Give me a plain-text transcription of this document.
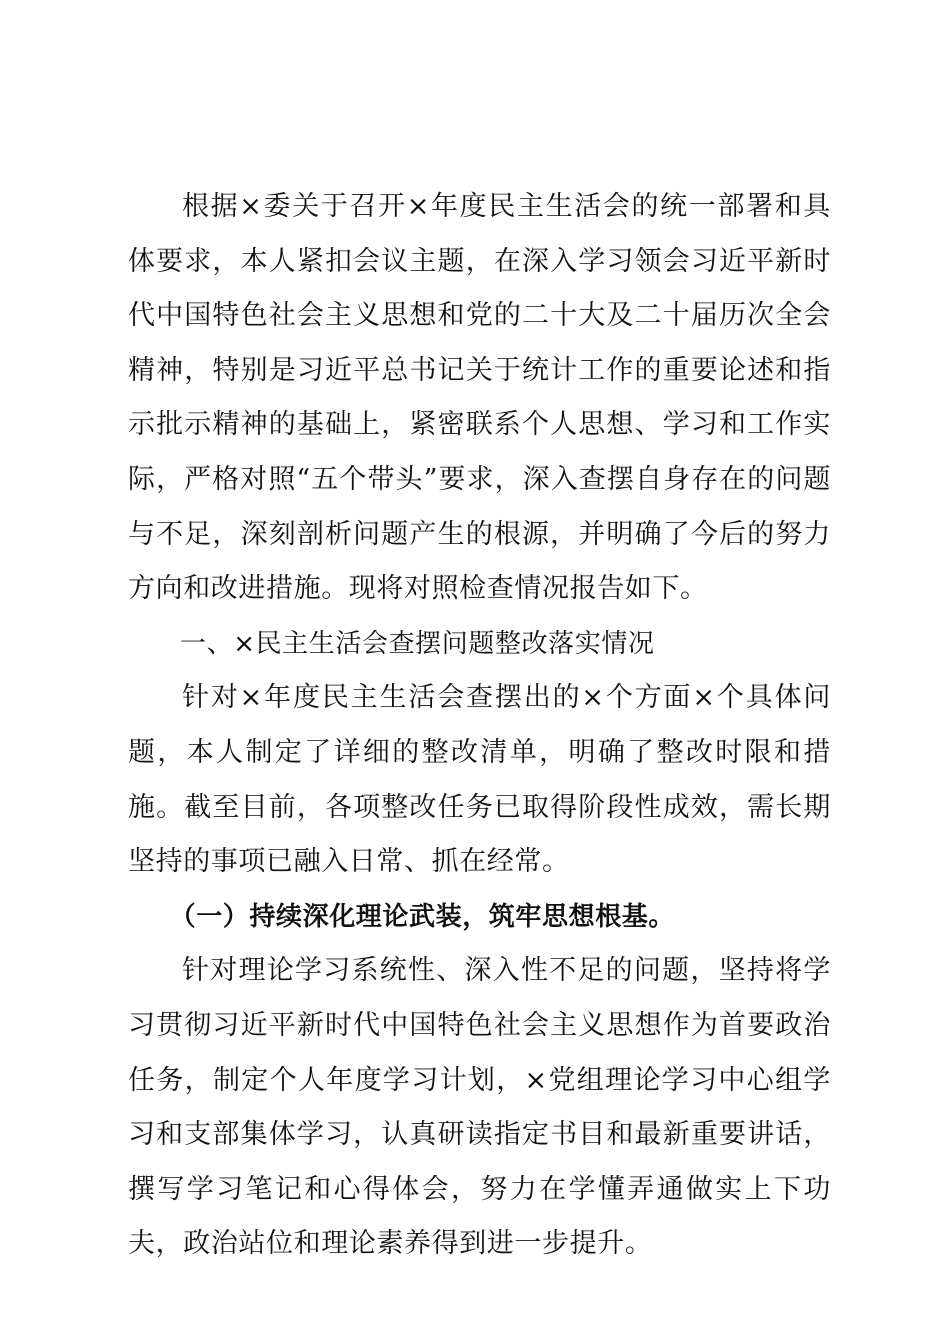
根据×委关于召开×年度民主生活会的统一部署和具体要求，本人紧扣会议主题，在深入学习领会习近平新时代中国特色社会主义思想和党的二十大及二十届历次全会精神，特别是习近平总书记关于统计工作的重要论述和指示批示精神的基础上，紧密联系个人思想、学习和工作实际，严格对照“五个带头”要求，深入查摆自身存在的问题与不足，深刻剖析问题产生的根源，并明确了今后的努力方向和改进措施。现将对照检查情况报告如下。

一、×民主生活会查摆问题整改落实情况

针对×年度民主生活会查摆出的×个方面×个具体问题，本人制定了详细的整改清单，明确了整改时限和措施。截至目前，各项整改任务已取得阶段性成效，需长期坚持的事项已融入日常、抓在经常。

（一）持续深化理论武装，筑牢思想根基。

针对理论学习系统性、深入性不足的问题，坚持将学习贯彻习近平新时代中国特色社会主义思想作为首要政治任务，制定个人年度学习计划，×党组理论学习中心组学习和支部集体学习，认真研读指定书目和最新重要讲话，撰写学习笔记和心得体会，努力在学懂弄通做实上下功夫，政治站位和理论素养得到进一步提升。
